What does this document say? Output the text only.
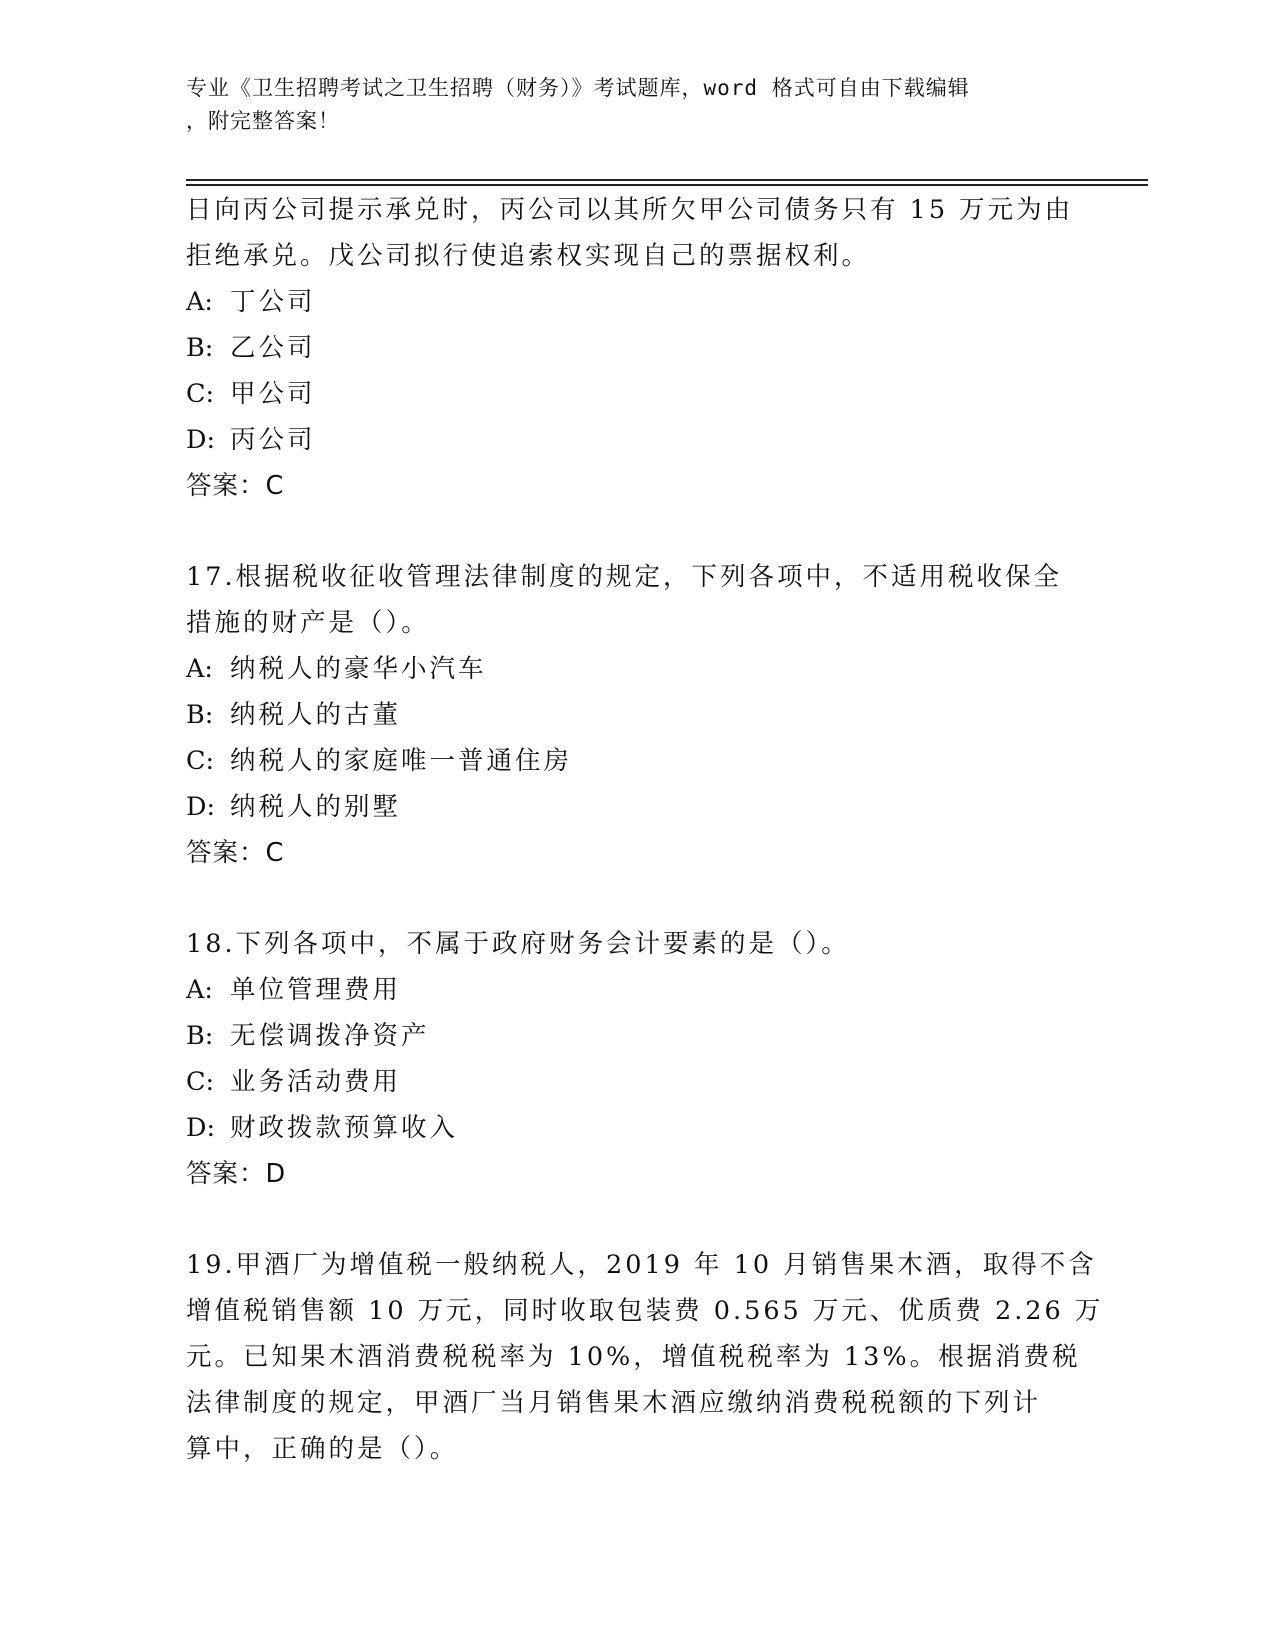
专业《卫生招聘考试之卫生招聘（财务）》考试题库，word 格式可自由下载编辑
，附完整答案！
日向丙公司提示承兑时，丙公司以其所欠甲公司债务只有 15 万元为由
拒绝承兑。戊公司拟行使追索权实现自己的票据权利。
A: 丁公司
B: 乙公司
C: 甲公司
D: 丙公司
答案：C
17.根据税收征收管理法律制度的规定，下列各项中，不适用税收保全
措施的财产是（）。
A: 纳税人的豪华小汽车
B: 纳税人的古董
C: 纳税人的家庭唯一普通住房
D: 纳税人的别墅
答案：C
18.下列各项中，不属于政府财务会计要素的是（）。
A: 单位管理费用
B: 无偿调拨净资产
C: 业务活动费用
D: 财政拨款预算收入
答案：D
19.甲酒厂为增值税一般纳税人，2019 年 10 月销售果木酒，取得不含
增值税销售额 10 万元，同时收取包装费 0.565 万元、优质费 2.26 万
元。已知果木酒消费税税率为 10%，增值税税率为 13%。根据消费税
法律制度的规定，甲酒厂当月销售果木酒应缴纳消费税税额的下列计
算中，正确的是（）。
